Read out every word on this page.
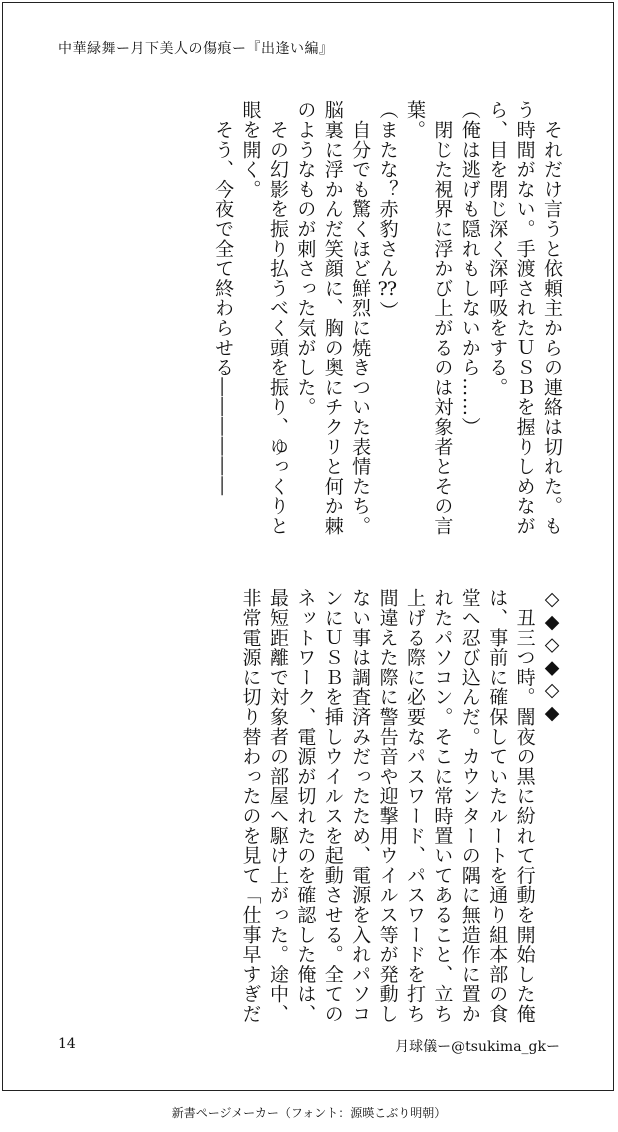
中華緑舞ー月下美人の傷痕ー『出逢い編』

　それだけ言うと依頼主からの連絡は切れた。も

う時間がない。手渡されたＵＳＢを握りしめなが

ら、目を閉じ深く深呼吸をする。

（俺は逃げも隠れもしないから……）

　閉じた視界に浮かび上がるのは対象者とその言

葉。

（またな？赤豹さん⁇）

　自分でも驚くほど鮮烈に焼きついた表情たち。

脳裏に浮かんだ笑顔に、胸の奥にチクリと何か棘

のようなものが刺さった気がした。

　その幻影を振り払うべく頭を振り、ゆっくりと

眼を開く。

　そう、今夜で全て終わらせる――――――

◇◆◇◆◇◆

　丑三つ時。闇夜の黒に紛れて行動を開始した俺

は、事前に確保していたルートを通り組本部の食

堂へ忍び込んだ。カウンターの隅に無造作に置か

れたパソコン。そこに常時置いてあること、立ち

上げる際に必要なパスワード、パスワードを打ち

間違えた際に警告音や迎撃用ウイルス等が発動し

ない事は調査済みだったため、電源を入れパソコ

ンにＵＳＢを挿しウイルスを起動させる。全ての

ネットワーク、電源が切れたのを確認した俺は、

最短距離で対象者の部屋へ駆け上がった。途中、

非常電源に切り替わったのを見て「仕事早すぎだ

14	月球儀ー@tsukima_gkー
新書ページメーカー（フォント：源暎こぶり明朝）
